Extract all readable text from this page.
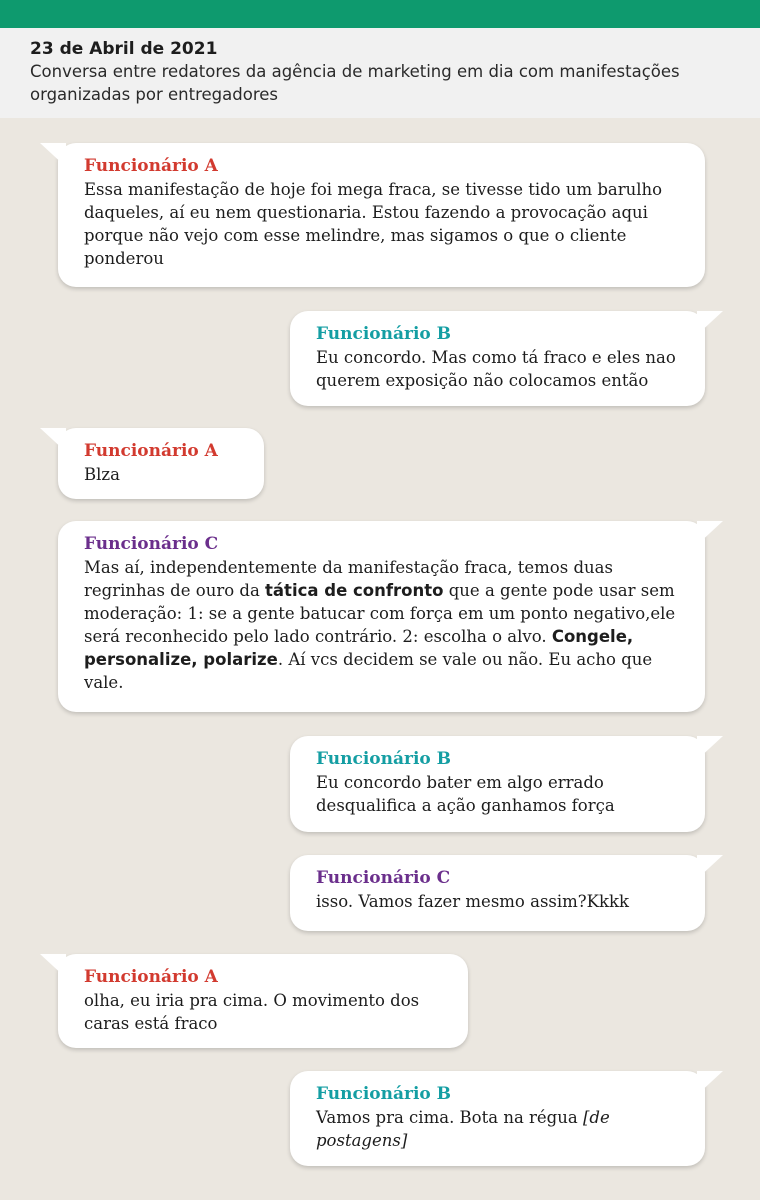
23 de Abril de 2021
Conversa entre redatores da agência de marketing em dia com manifestações organizadas por entregadores
Funcionário A

Essa manifestação de hoje foi mega fraca, se tivesse tido um barulho daqueles, aí eu nem questionaria. Estou fazendo a provocação aqui porque não vejo com esse melindre, mas sigamos o que o cliente ponderou

Funcionário B

Eu concordo. Mas como tá fraco e eles nao querem exposição não colocamos então

Funcionário A

Blza

Funcionário C

Mas aí, independentemente da manifestação fraca, temos duas regrinhas de ouro da tática de confronto que a gente pode usar sem moderação: 1: se a gente batucar com força em um ponto negativo,ele será reconhecido pelo lado contrário. 2: escolha o alvo. Congele, personalize, polarize. Aí vcs decidem se vale ou não. Eu acho que vale.

Funcionário B

Eu concordo bater em algo errado desqualifica a ação ganhamos força

Funcionário C

isso. Vamos fazer mesmo assim?Kkkk

Funcionário A

olha, eu iria pra cima. O movimento dos caras está fraco

Funcionário B

Vamos pra cima. Bota na régua [de postagens]
